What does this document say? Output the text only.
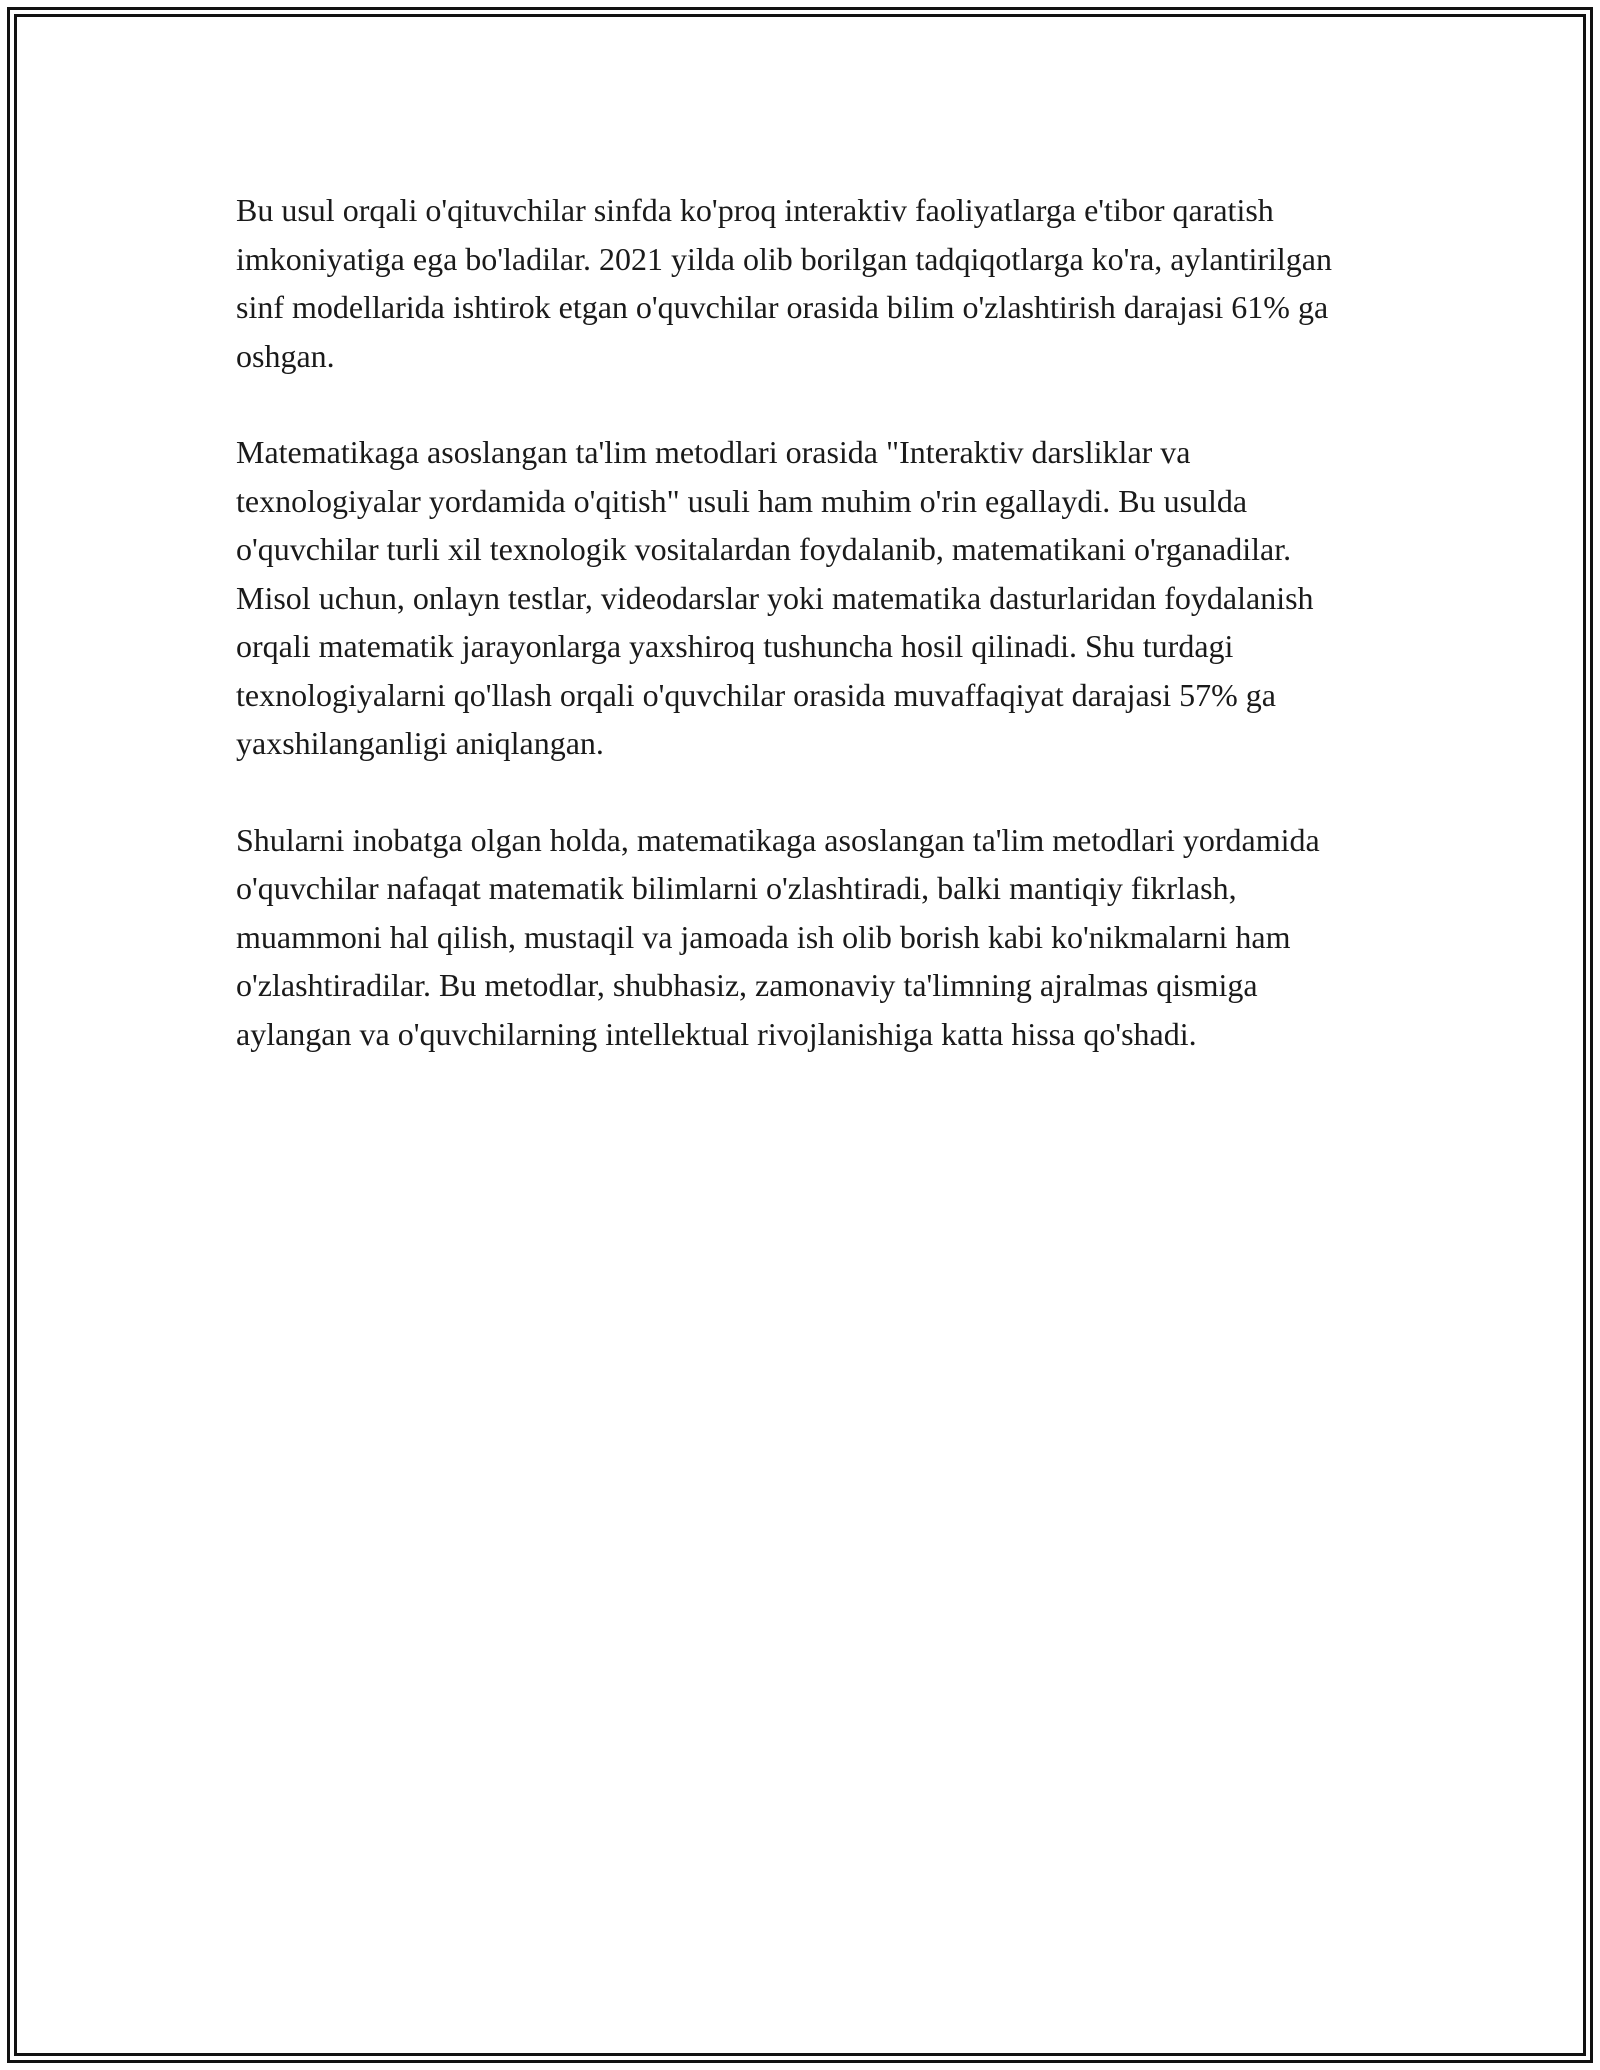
Bu usul orqali o'qituvchilar sinfda ko'proq interaktiv faoliyatlarga e'tibor qaratish imkoniyatiga ega bo'ladilar. 2021 yilda olib borilgan tadqiqotlarga ko'ra, aylantirilgan sinf modellarida ishtirok etgan o'quvchilar orasida bilim o'zlashtirish darajasi 61% ga oshgan.

Matematikaga asoslangan ta'lim metodlari orasida "Interaktiv darsliklar va texnologiyalar yordamida o'qitish" usuli ham muhim o'rin egallaydi. Bu usulda o'quvchilar turli xil texnologik vositalardan foydalanib, matematikani o'rganadilar. Misol uchun, onlayn testlar, videodarslar yoki matematika dasturlaridan foydalanish orqali matematik jarayonlarga yaxshiroq tushuncha hosil qilinadi. Shu turdagi texnologiyalarni qo'llash orqali o'quvchilar orasida muvaffaqiyat darajasi 57% ga yaxshilanganligi aniqlangan.

Shularni inobatga olgan holda, matematikaga asoslangan ta'lim metodlari yordamida o'quvchilar nafaqat matematik bilimlarni o'zlashtiradi, balki mantiqiy fikrlash, muammoni hal qilish, mustaqil va jamoada ish olib borish kabi ko'nikmalarni ham o'zlashtiradilar. Bu metodlar, shubhasiz, zamonaviy ta'limning ajralmas qismiga aylangan va o'quvchilarning intellektual rivojlanishiga katta hissa qo'shadi.
